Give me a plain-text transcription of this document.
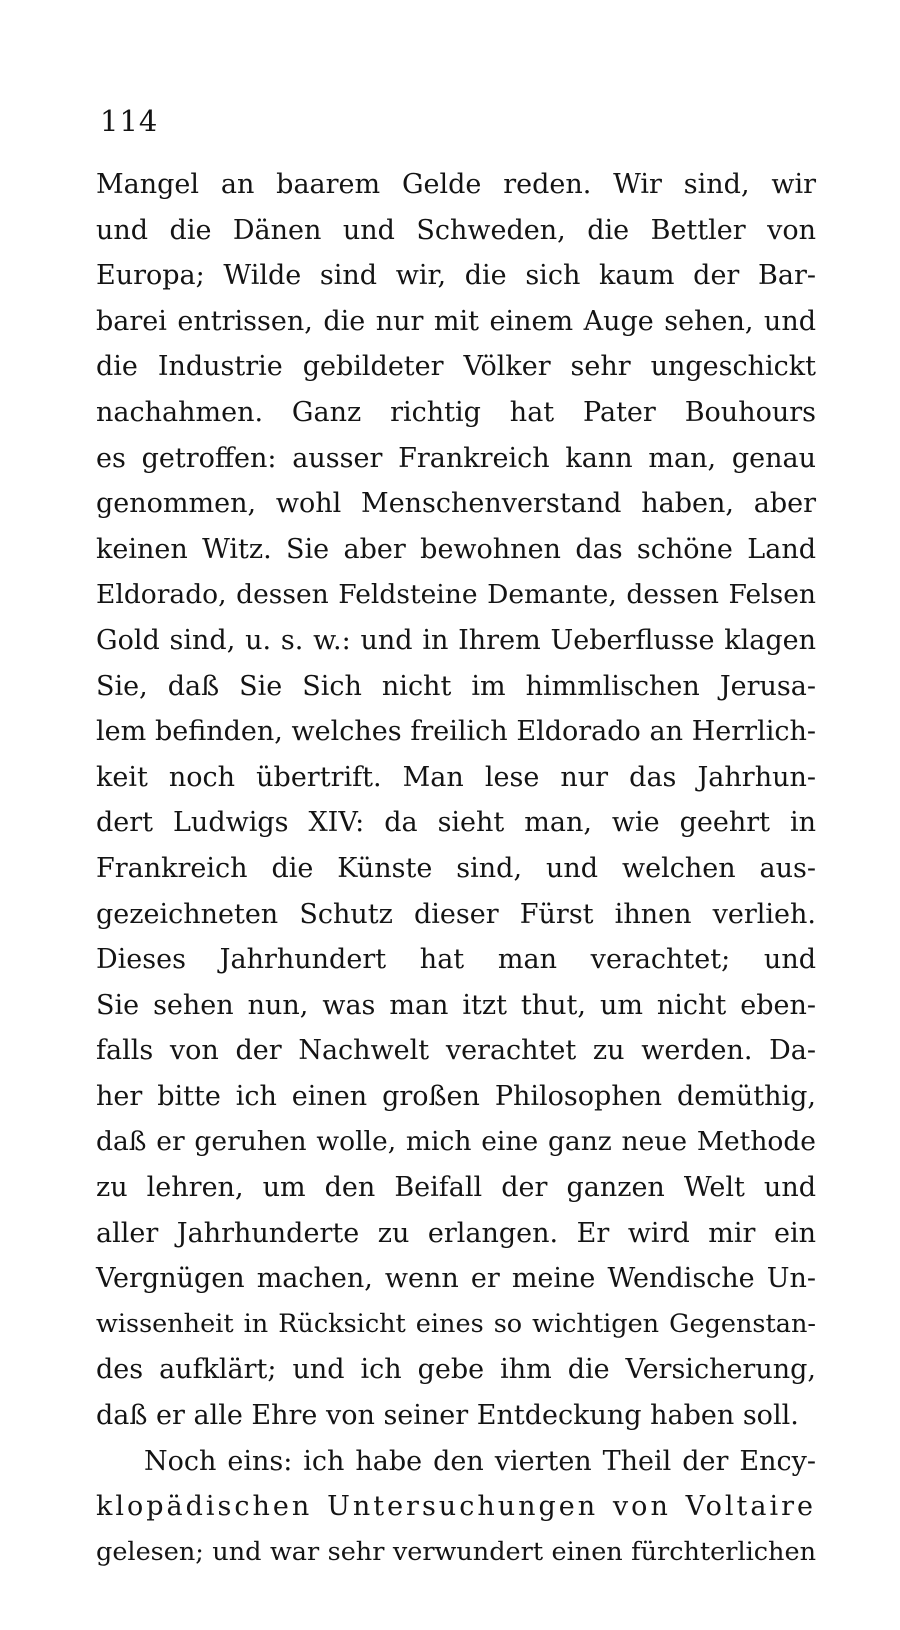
114
Mangel an baarem Gelde reden. Wir sind, wir
und die Dänen und Schweden, die Bettler von
Europa; Wilde sind wir, die sich kaum der Bar-
barei entrissen, die nur mit einem Auge sehen, und
die Industrie gebildeter Völker sehr ungeschickt
nachahmen. Ganz richtig hat Pater Bouhours
es getroffen: ausser Frankreich kann man, genau
genommen, wohl Menschenverstand haben, aber
keinen Witz. Sie aber bewohnen das schöne Land
Eldorado, dessen Feldsteine Demante, dessen Felsen
Gold sind, u. s. w.: und in Ihrem Ueberflusse klagen
Sie, daß Sie Sich nicht im himmlischen Jerusa-
lem befinden, welches freilich Eldorado an Herrlich-
keit noch übertrift. Man lese nur das Jahrhun-
dert Ludwigs XIV: da sieht man, wie geehrt in
Frankreich die Künste sind, und welchen aus-
gezeichneten Schutz dieser Fürst ihnen verlieh.
Dieses Jahrhundert hat man verachtet; und
Sie sehen nun, was man itzt thut, um nicht eben-
falls von der Nachwelt verachtet zu werden. Da-
her bitte ich einen großen Philosophen demüthig,
daß er geruhen wolle, mich eine ganz neue Methode
zu lehren, um den Beifall der ganzen Welt und
aller Jahrhunderte zu erlangen. Er wird mir ein
Vergnügen machen, wenn er meine Wendische Un-
wissenheit in Rücksicht eines so wichtigen Gegenstan-
des aufklärt; und ich gebe ihm die Versicherung,
daß er alle Ehre von seiner Entdeckung haben soll.
Noch eins: ich habe den vierten Theil der Ency-
klopädischen Untersuchungen von Voltaire
gelesen; und war sehr verwundert einen fürchterlichen
